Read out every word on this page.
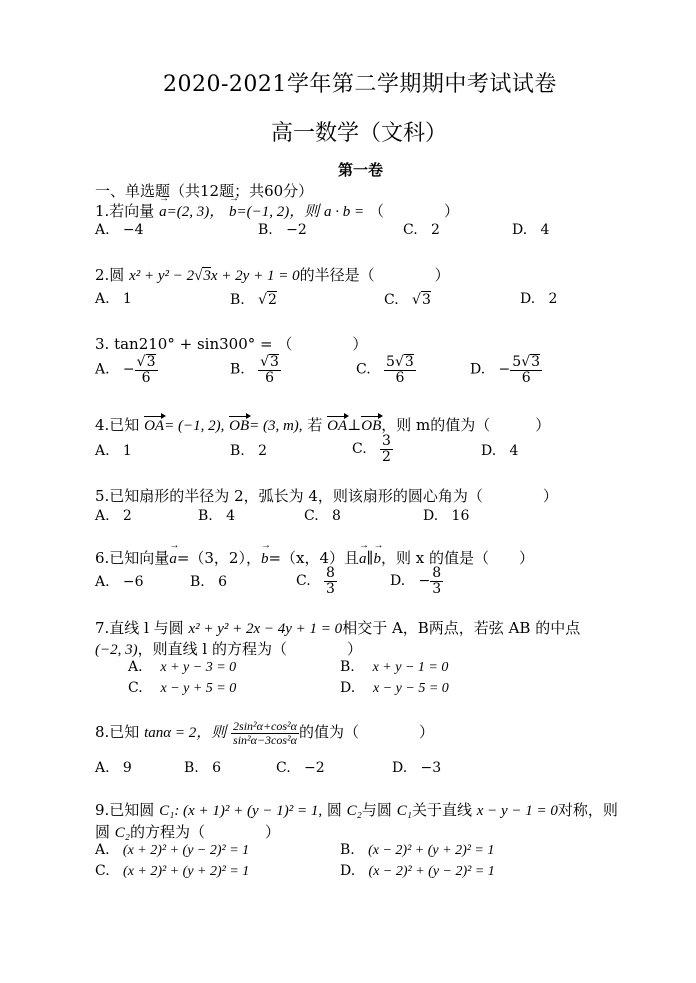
2020-2021学年第二学期期中考试试卷
高一数学（文科）
第一卷
一、单选题（共12题；共60分）
1.若向量 → a=(2, 3)， → b=(−1, 2)，则 a · b = （　　　　）
A. −4	B. −2	C. 2	D. 4
2.圆 x² + y² − 2√3x + 2y + 1 = 0的半径是（　　　　）
A. 1	B.   √2	C.   √3	D. 2
3. tan210° + sin300° = （　　　　）
A. − $\frac{√3}{6}$	B. $\frac{√3}{6}$	C. $\frac{5√3}{6}$	D. − $\frac{5√3}{6}$
4.已知 OA= (−1, 2), OB= (3, m), 若 OA⊥OB，则 m的值为（　　　）
A. 1	B. 2	C. $\frac{3}{2}$	D. 4
5.已知扇形的半径为 2，弧长为 4，则该扇形的圆心角为（　　　　）
A. 2	B. 4	C. 8	D. 16
6.已知向量→ a=（3，2），→ b=（x，4）且→ a∥→ b，则 x 的值是（　　）
A. −6	B. 6	C. $\frac{8}{3}$	D. − $\frac{8}{3}$
7.直线 l 与圆 x² + y² + 2x − 4y + 1 = 0相交于 A，B两点，若弦 AB 的中点
(−2, 3)，则直线 l 的方程为（　　　　）
A. x + y − 3 = 0	B. x + y − 1 = 0
C. x − y + 5 = 0	D. x − y − 5 = 0
8.已知 tanα = 2，则 $\frac{\text{2sin²α+cos²α}}{\text{sin²α−3cos²α}}$ 的值为（　　　　）
A. 9	B. 6	C. −2	D. −3
9.已知圆 C₁: (x + 1)² + (y − 1)² = 1, 圆 C₂与圆 C₁关于直线 x − y − 1 = 0对称，则
圆 C₂的方程为（　　　　）
A. (x + 2)² + (y − 2)² = 1	B. (x − 2)² + (y + 2)² = 1
C. (x + 2)² + (y + 2)² = 1	D. (x − 2)² + (y − 2)² = 1
